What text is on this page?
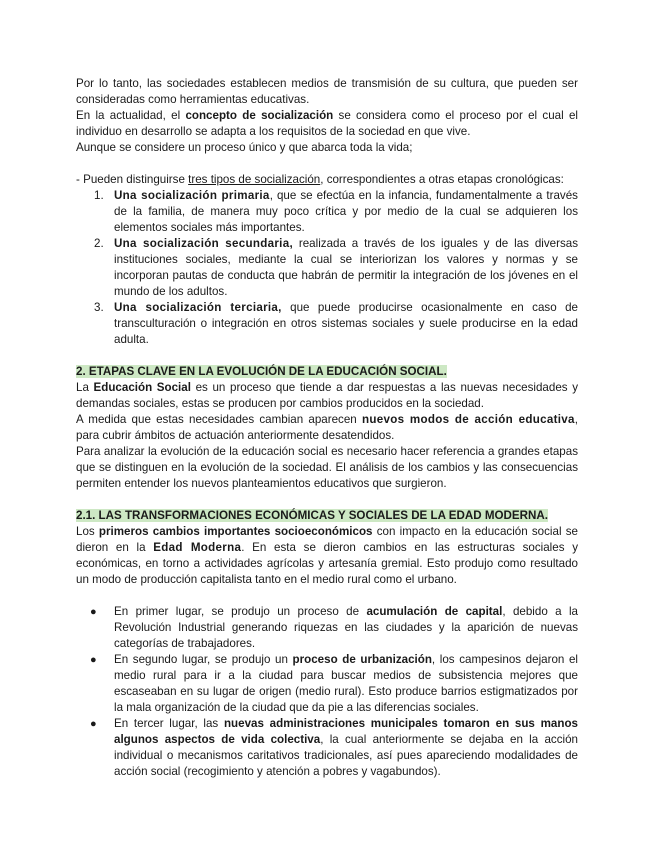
Por lo tanto, las sociedades establecen medios de transmisión de su cultura, que pueden ser consideradas como herramientas educativas.

En la actualidad, el concepto de socialización se considera como el proceso por el cual el individuo en desarrollo se adapta a los requisitos de la sociedad en que vive.

Aunque se considere un proceso único y que abarca toda la vida;

- Pueden distinguirse tres tipos de socialización, correspondientes a otras etapas cronológicas:

1. Una socialización primaria, que se efectúa en la infancia, fundamentalmente a través de la familia, de manera muy poco crítica y por medio de la cual se adquieren los elementos sociales más importantes.
2. Una socialización secundaria, realizada a través de los iguales y de las diversas instituciones sociales, mediante la cual se interiorizan los valores y normas y se incorporan pautas de conducta que habrán de permitir la integración de los jóvenes en el mundo de los adultos.
3. Una socialización terciaria, que puede producirse ocasionalmente en caso de transculturación o integración en otros sistemas sociales y suele producirse en la edad adulta.
2. ETAPAS CLAVE EN LA EVOLUCIÓN DE LA EDUCACIÓN SOCIAL.

La Educación Social es un proceso que tiende a dar respuestas a las nuevas necesidades y demandas sociales, estas se producen por cambios producidos en la sociedad.

A medida que estas necesidades cambian aparecen nuevos modos de acción educativa, para cubrir ámbitos de actuación anteriormente desatendidos.

Para analizar la evolución de la educación social es necesario hacer referencia a grandes etapas que se distinguen en la evolución de la sociedad. El análisis de los cambios y las consecuencias permiten entender los nuevos planteamientos educativos que surgieron.

2.1. LAS TRANSFORMACIONES ECONÓMICAS Y SOCIALES DE LA EDAD MODERNA.

Los primeros cambios importantes socioeconómicos con impacto en la educación social se dieron en la Edad Moderna. En esta se dieron cambios en las estructuras sociales y económicas, en torno a actividades agrícolas y artesanía gremial. Esto produjo como resultado un modo de producción capitalista tanto en el medio rural como el urbano.

● En primer lugar, se produjo un proceso de acumulación de capital, debido a la Revolución Industrial generando riquezas en las ciudades y la aparición de nuevas categorías de trabajadores.
● En segundo lugar, se produjo un proceso de urbanización, los campesinos dejaron el medio rural para ir a la ciudad para buscar medios de subsistencia mejores que escaseaban en su lugar de origen (medio rural). Esto produce barrios estigmatizados por la mala organización de la ciudad que da pie a las diferencias sociales.
● En tercer lugar, las nuevas administraciones municipales tomaron en sus manos algunos aspectos de vida colectiva, la cual anteriormente se dejaba en la acción individual o mecanismos caritativos tradicionales, así pues apareciendo modalidades de acción social (recogimiento y atención a pobres y vagabundos).
